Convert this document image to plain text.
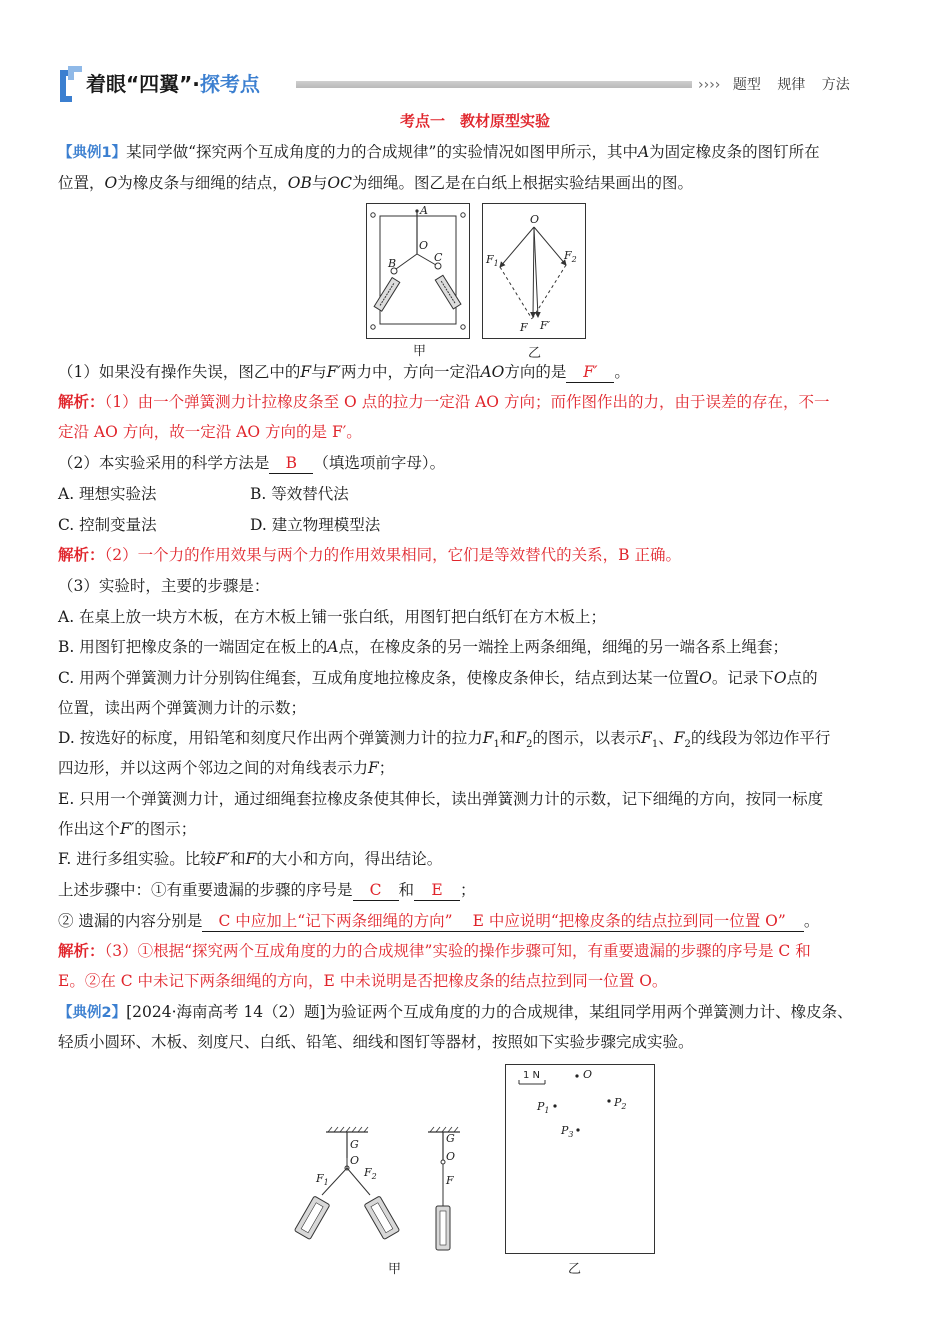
着眼“四翼”·探考点	›››› 题型 规律 方法
考点一　教材原型实验
【典例1】某同学做“探究两个互成角度的力的合成规律”的实验情况如图甲所示，其中A为固定橡皮条的图钉所在
位置，O为橡皮条与细绳的结点，OB与OC为细绳。图乙是在白纸上根据实验结果画出的图。
A
O
B	C
甲
O
$F_1$
$F_2$
F F′
乙
（1）如果没有操作失误，图乙中的F与F′两力中，方向一定沿AO方向的是 F′ 。
解析：（1）由一个弹簧测力计拉橡皮条至 O 点的拉力一定沿 AO 方向；而作图作出的力，由于误差的存在，不一
定沿 AO 方向，故一定沿 AO 方向的是 F′。
（2）本实验采用的科学方法是 B （填选项前字母）。
A. 理想实验法	B. 等效替代法
C. 控制变量法	D. 建立物理模型法
解析：（2）一个力的作用效果与两个力的作用效果相同，它们是等效替代的关系，B 正确。
（3）实验时，主要的步骤是：
A. 在桌上放一块方木板，在方木板上铺一张白纸，用图钉把白纸钉在方木板上；
B. 用图钉把橡皮条的一端固定在板上的A点，在橡皮条的另一端拴上两条细绳，细绳的另一端各系上绳套；
C. 用两个弹簧测力计分别钩住绳套，互成角度地拉橡皮条，使橡皮条伸长，结点到达某一位置O。记录下O点的
位置，读出两个弹簧测力计的示数；
D. 按选好的标度，用铅笔和刻度尺作出两个弹簧测力计的拉力$F_1$和$F_2$的图示，以表示$F_1$、$F_2$的线段为邻边作平行
四边形，并以这两个邻边之间的对角线表示力F；
E. 只用一个弹簧测力计，通过细绳套拉橡皮条使其伸长，读出弹簧测力计的示数，记下细绳的方向，按同一标度
作出这个F′的图示；
F. 进行多组实验。比较F′和F的大小和方向，得出结论。
上述步骤中：①有重要遗漏的步骤的序号是 C 和 E ；
② 遗漏的内容分别是 C 中应加上“记下两条细绳的方向” E 中应说明“把橡皮条的结点拉到同一位置 O” 。
解析：（3）①根据“探究两个互成角度的力的合成规律”实验的操作步骤可知，有重要遗漏的步骤的序号是 C 和
E。②在 C 中未记下两条细绳的方向，E 中未说明是否把橡皮条的结点拉到同一位置 O。
【典例2】[2024·海南高考 14（2）题]为验证两个互成角度的力的合成规律，某组同学用两个弹簧测力计、橡皮条、
轻质小圆环、木板、刻度尺、白纸、铅笔、细线和图钉等器材，按照如下实验步骤完成实验。
G
O
$F_1$
$F_2$
G
O
F
甲
1 N	O
$P_1$
$P_2$
$P_3$
乙
